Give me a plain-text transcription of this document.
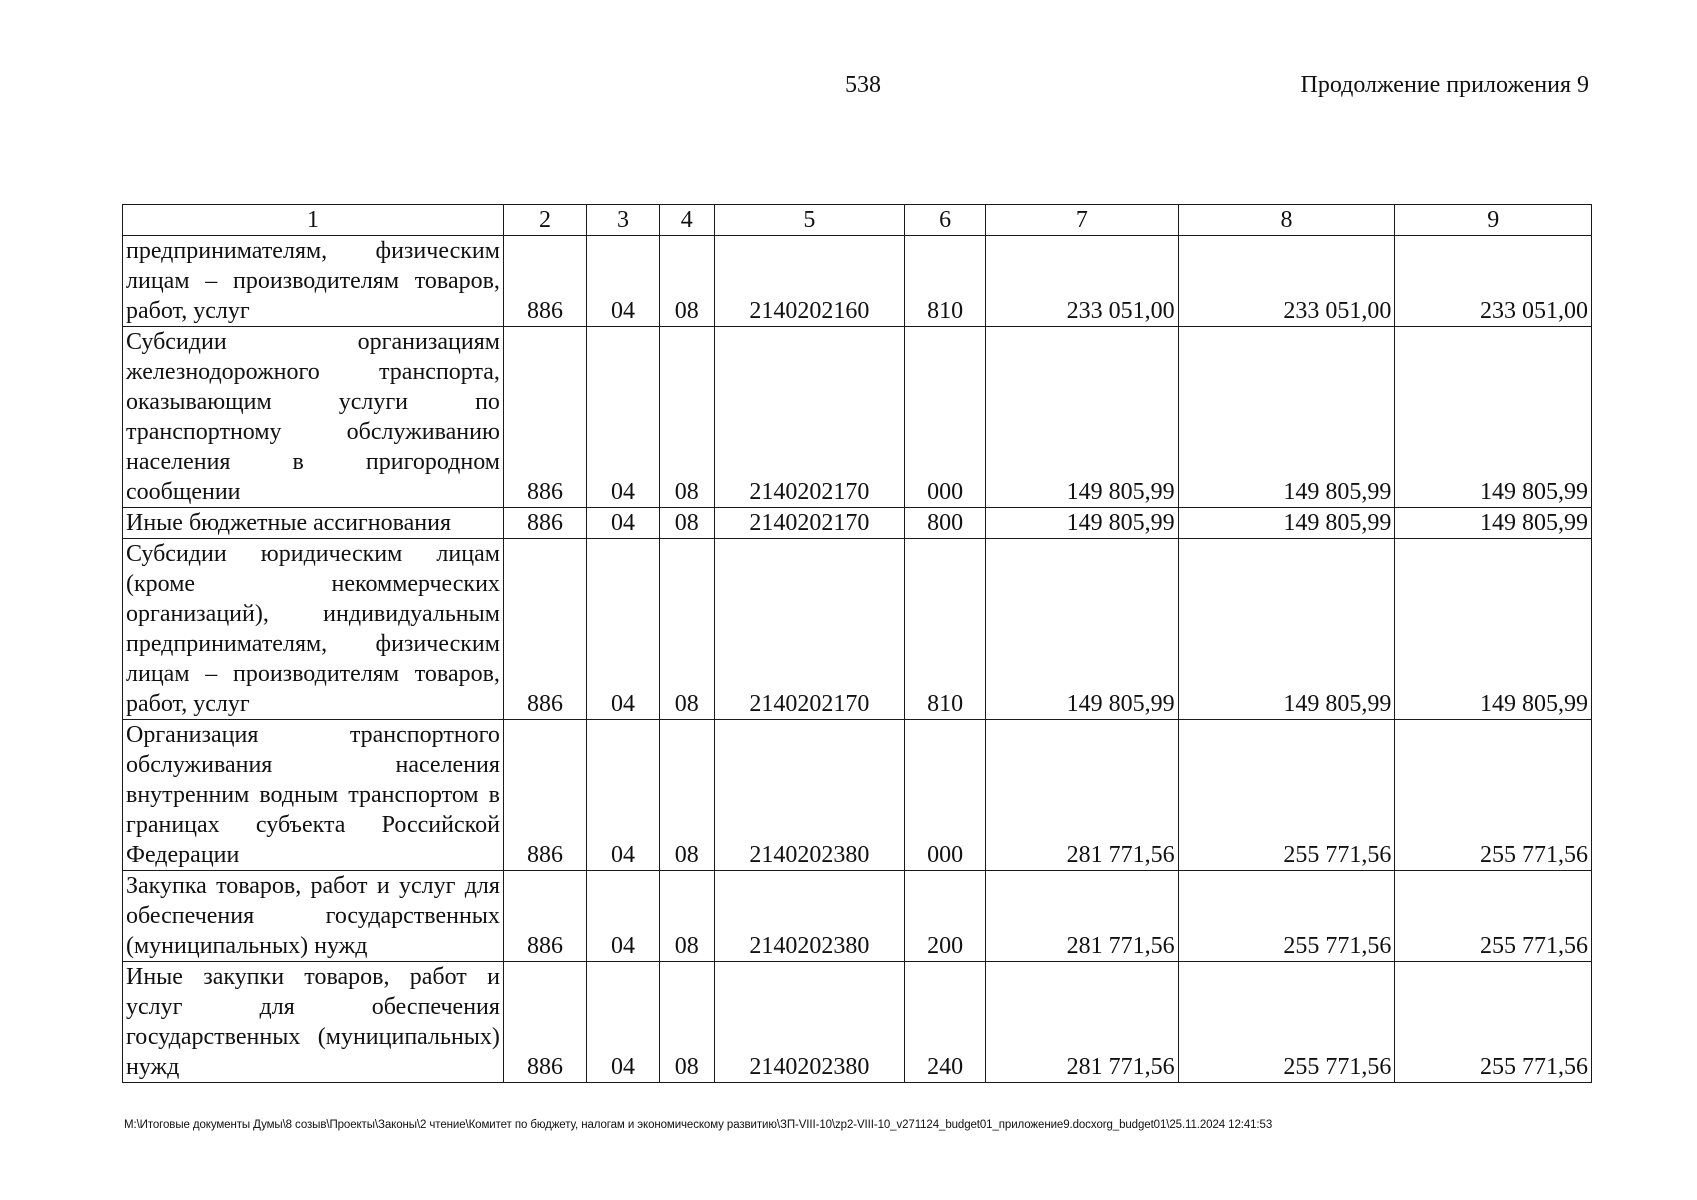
538	Продолжение приложения 9
1	2	3	4	5	6	7	8	9
предпринимателям, физическим лицам – производителям товаров, работ, услуг	886	04	08	2140202160	810	233 051,00	233 051,00	233 051,00
Субсидии организациям железнодорожного транспорта, оказывающим услуги по транспортному обслуживанию населения в пригородном сообщении	886	04	08	2140202170	000	149 805,99	149 805,99	149 805,99
Иные бюджетные ассигнования	886	04	08	2140202170	800	149 805,99	149 805,99	149 805,99
Субсидии юридическим лицам (кроме некоммерческих организаций), индивидуальным предпринимателям, физическим лицам – производителям товаров, работ, услуг	886	04	08	2140202170	810	149 805,99	149 805,99	149 805,99
Организация транспортного обслуживания населения внутренним водным транспортом в границах субъекта Российской Федерации	886	04	08	2140202380	000	281 771,56	255 771,56	255 771,56
Закупка товаров, работ и услуг для обеспечения государственных (муниципальных) нужд	886	04	08	2140202380	200	281 771,56	255 771,56	255 771,56
Иные закупки товаров, работ и услуг для обеспечения государственных (муниципальных) нужд	886	04	08	2140202380	240	281 771,56	255 771,56	255 771,56
M:\Итоговые документы Думы\8 созыв\Проекты\Законы\2 чтение\Комитет по бюджету, налогам и экономическому развитию\ЗП-VIII-10\zp2-VIII-10_v271124_budget01_приложение9.docxorg_budget01\25.11.2024 12:41:53
